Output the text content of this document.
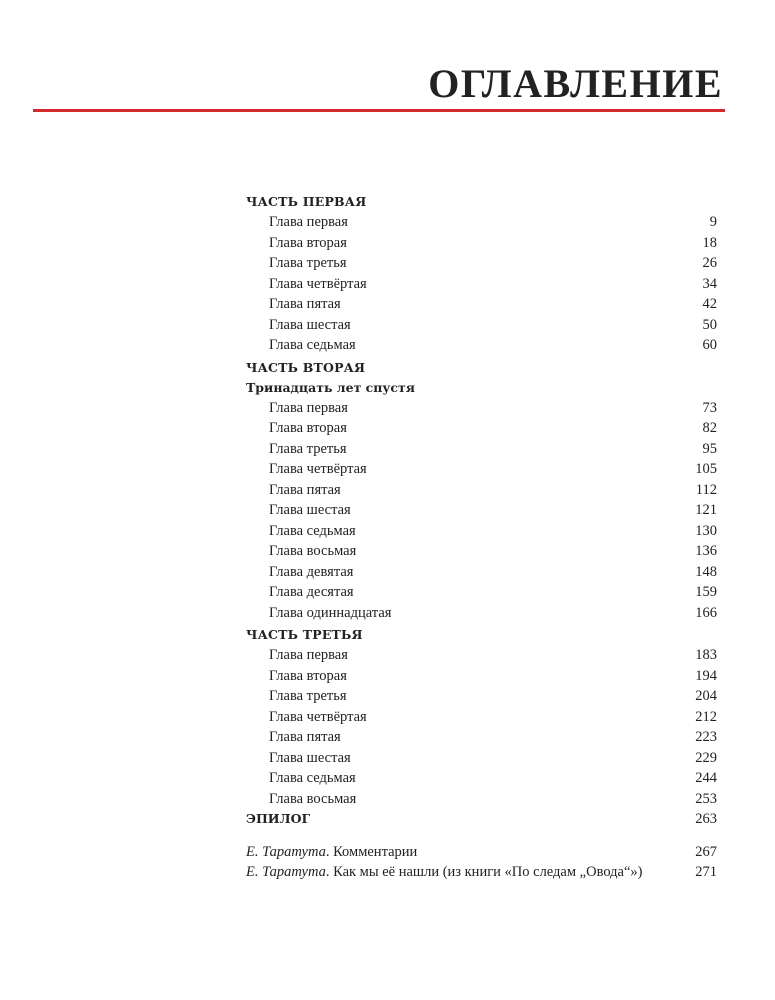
ОГЛАВЛЕНИЕ
ЧАСТЬ ПЕРВАЯ
Глава первая	9
Глава вторая	18
Глава третья	26
Глава четвёртая	34
Глава пятая	42
Глава шестая	50
Глава седьмая	60
ЧАСТЬ ВТОРАЯ
Тринадцать лет спустя
Глава первая	73
Глава вторая	82
Глава третья	95
Глава четвёртая	105
Глава пятая	112
Глава шестая	121
Глава седьмая	130
Глава восьмая	136
Глава девятая	148
Глава десятая	159
Глава одиннадцатая	166
ЧАСТЬ ТРЕТЬЯ
Глава первая	183
Глава вторая	194
Глава третья	204
Глава четвёртая	212
Глава пятая	223
Глава шестая	229
Глава седьмая	244
Глава восьмая	253
ЭПИЛОГ	263
Е. Таратута. Комментарии	267
Е. Таратута. Как мы её нашли (из книги «По следам „Овода“»)	271
